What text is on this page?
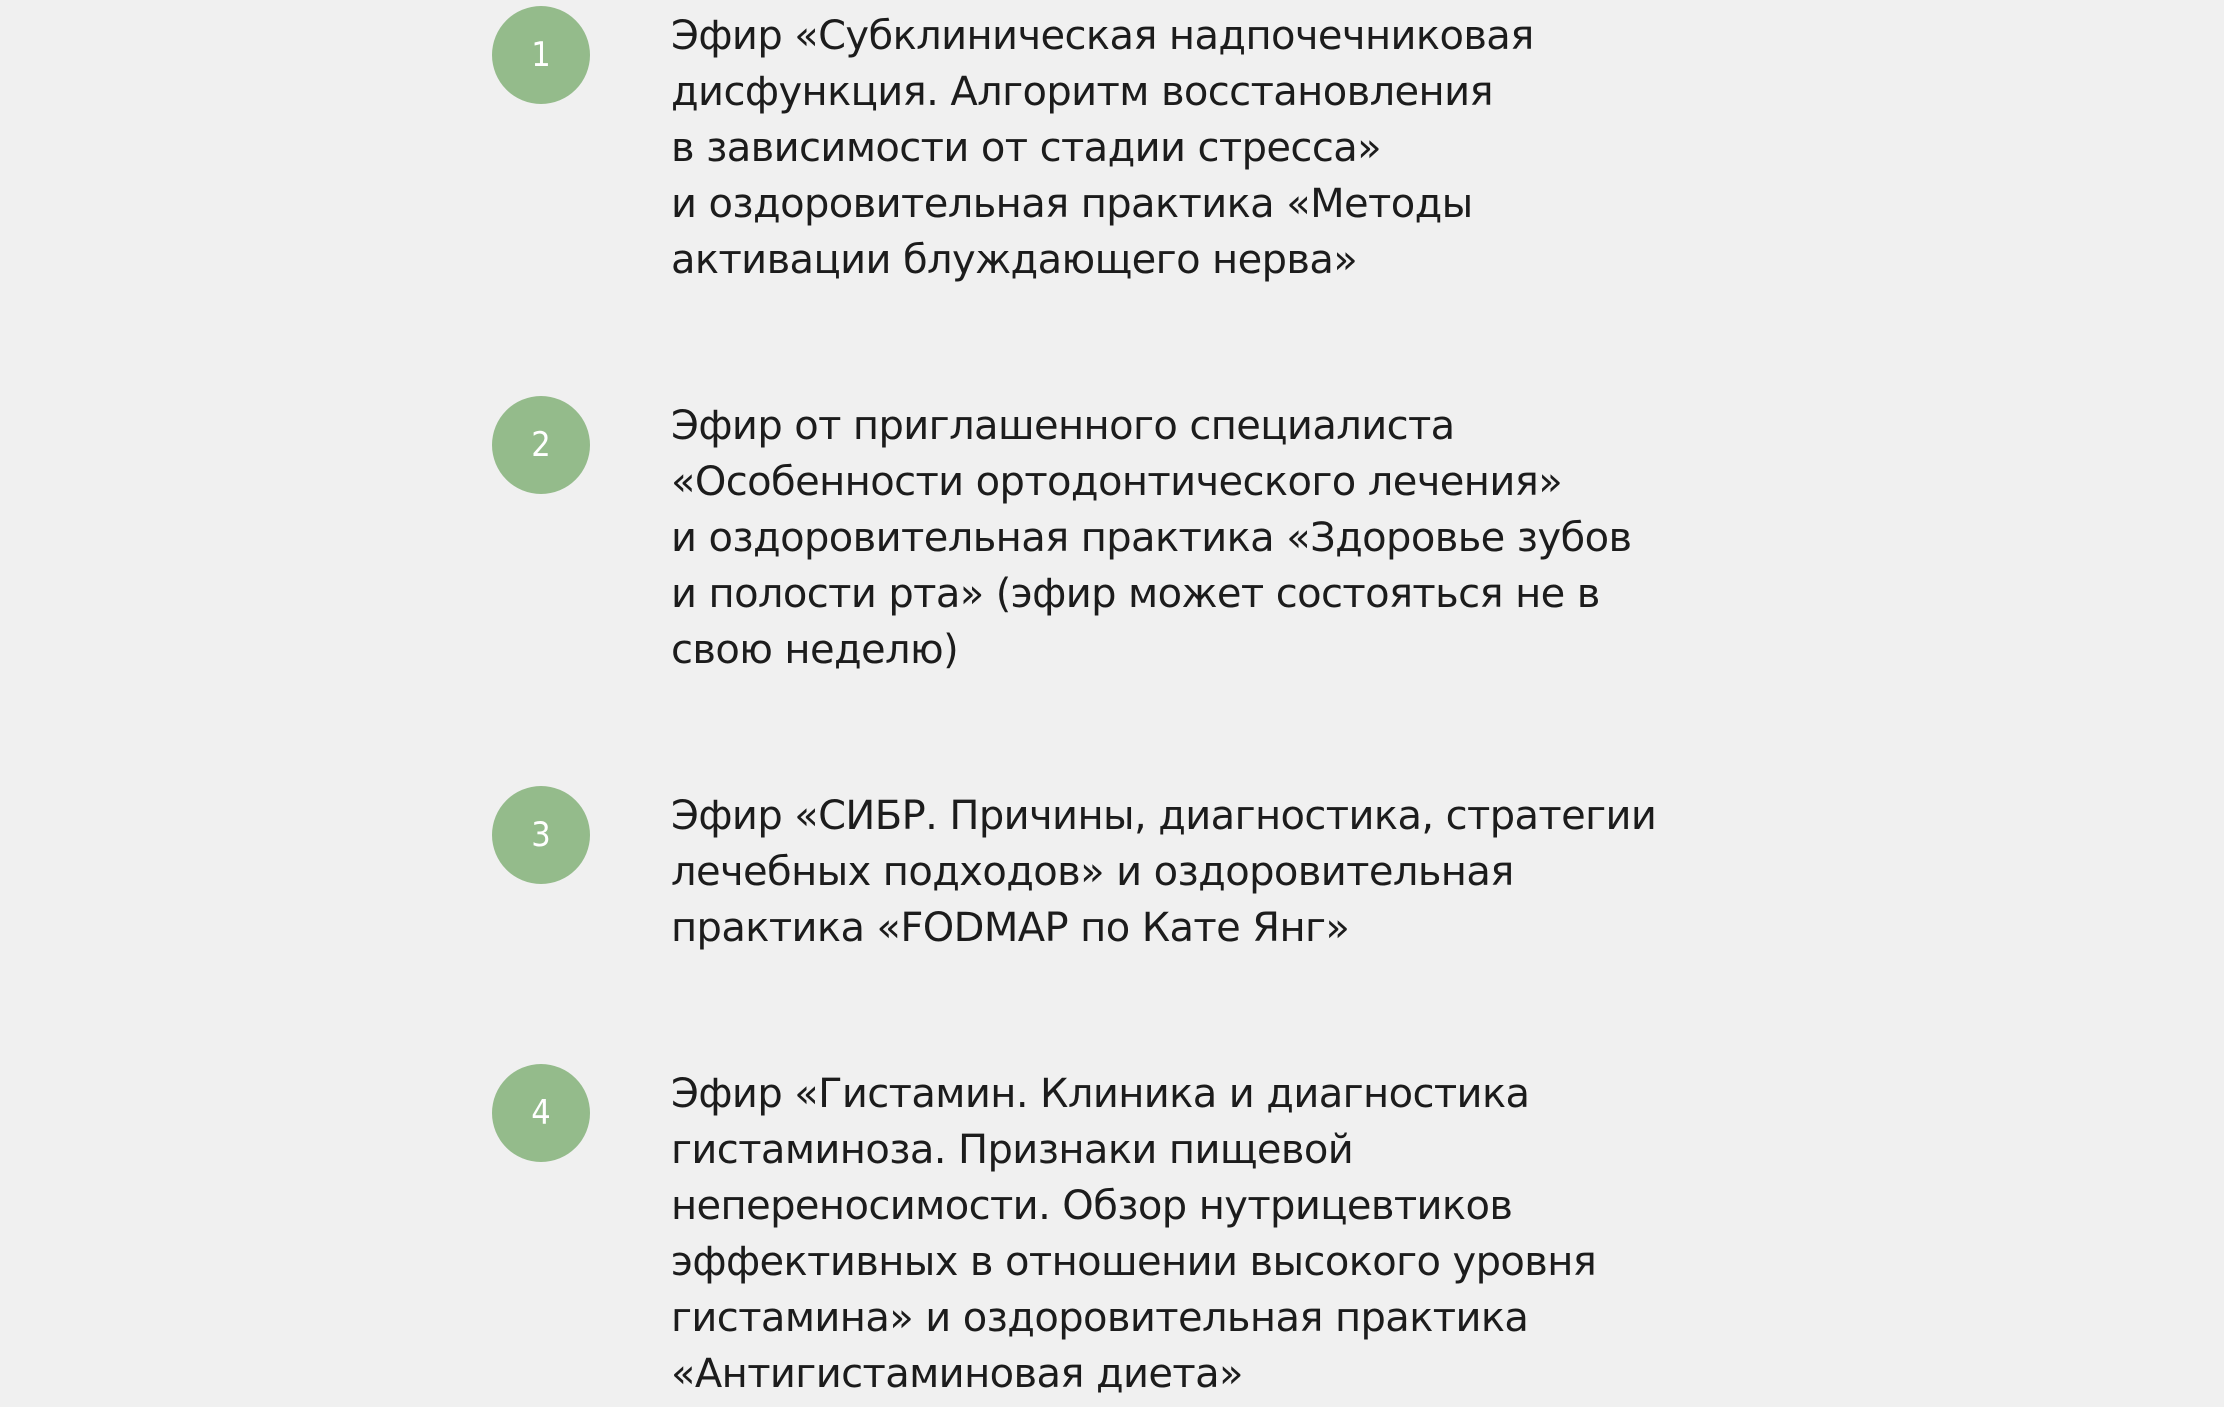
1	Эфир «Субклиническая надпочечниковая
дисфункция. Алгоритм восстановления
в зависимости от стадии стресса»
и оздоровительная практика «Методы
активации блуждающего нерва»

2	Эфир от приглашенного специалиста
«Особенности ортодонтического лечения»
и оздоровительная практика «Здоровье зубов
и полости рта» (эфир может состояться не в
свою неделю)

3	Эфир «СИБР. Причины, диагностика, стратегии
лечебных подходов» и оздоровительная
практика «FODMAP по Кате Янг»

4	Эфир «Гистамин. Клиника и диагностика
гистаминоза. Признаки пищевой
непереносимости. Обзор нутрицевтиков
эффективных в отношении высокого уровня
гистамина» и оздоровительная практика
«Антигистаминовая диета»
